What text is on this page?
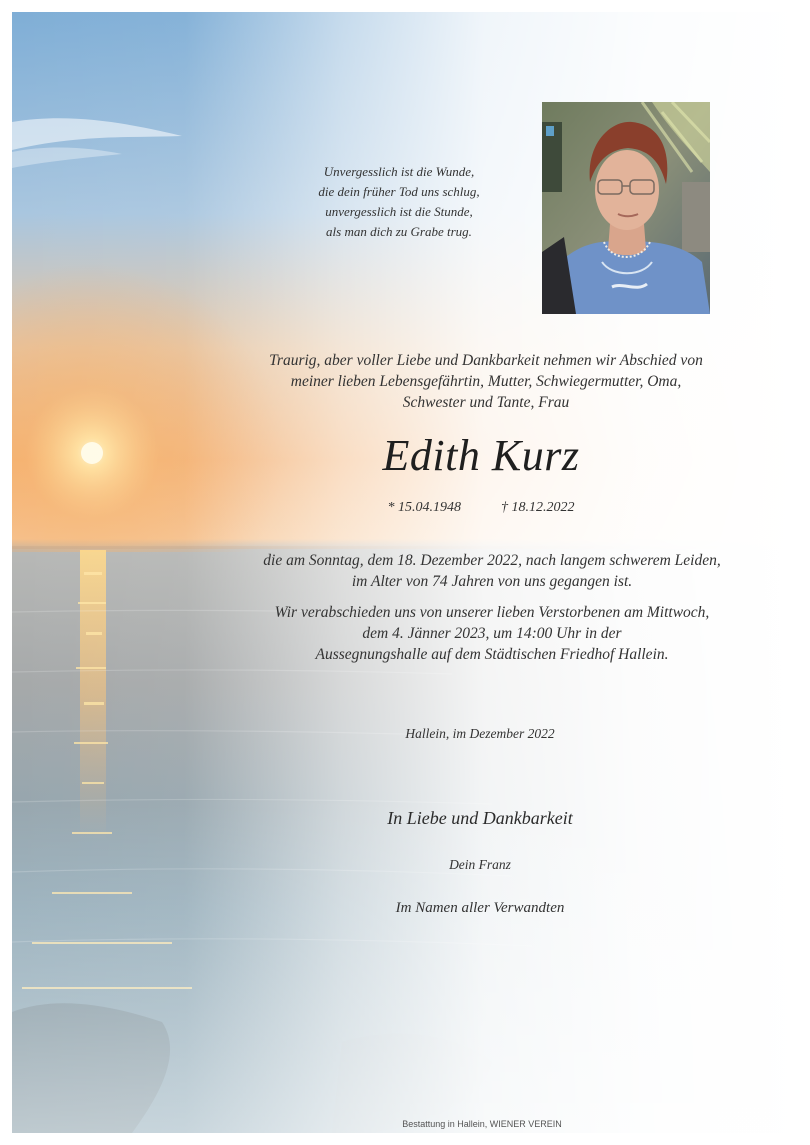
Unvergesslich ist die Wunde,
die dein früher Tod uns schlug,
unvergesslich ist die Stunde,
als man dich zu Grabe trug.
Traurig, aber voller Liebe und Dankbarkeit nehmen wir Abschied von
meiner lieben Lebensgefährtin, Mutter, Schwiegermutter, Oma,
Schwester und Tante, Frau
Edith Kurz
* 15.04.1948	† 18.12.2022
die am Sonntag, dem 18. Dezember 2022, nach langem schwerem Leiden,
im Alter von 74 Jahren von uns gegangen ist.
Wir verabschieden uns von unserer lieben Verstorbenen am Mittwoch,
dem 4. Jänner 2023, um 14:00 Uhr in der
Aussegnungshalle auf dem Städtischen Friedhof Hallein.
Hallein, im Dezember 2022
In Liebe und Dankbarkeit
Dein Franz
Im Namen aller Verwandten
Bestattung in Hallein, WIENER VEREIN
